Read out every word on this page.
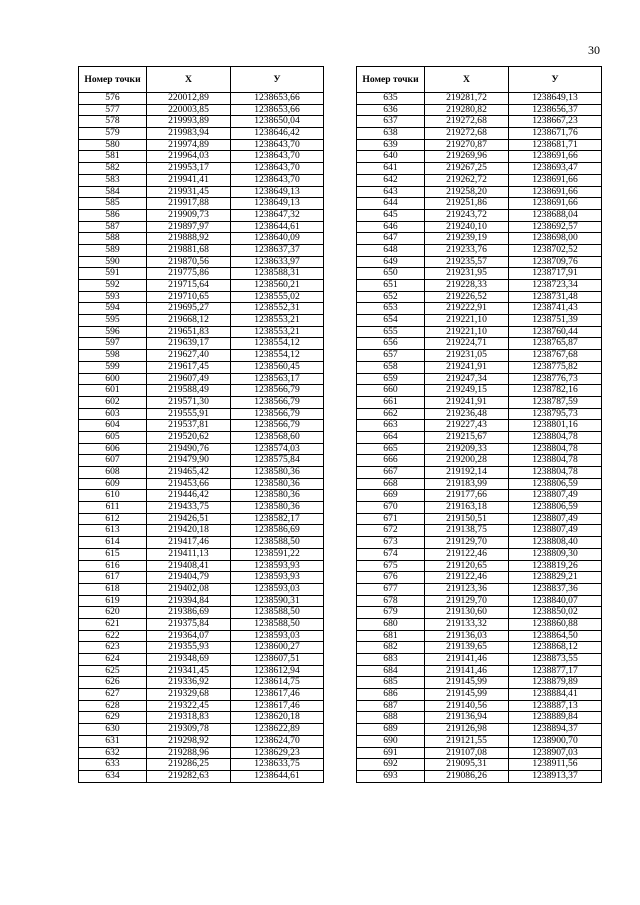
30
Номер точки	X	У
576	220012,89	1238653,66
577	220003,85	1238653,66
578	219993,89	1238650,04
579	219983,94	1238646,42
580	219974,89	1238643,70
581	219964,03	1238643,70
582	219953,17	1238643,70
583	219941,41	1238643,70
584	219931,45	1238649,13
585	219917,88	1238649,13
586	219909,73	1238647,32
587	219897,97	1238644,61
588	219888,92	1238640,09
589	219881,68	1238637,37
590	219870,56	1238633,97
591	219775,86	1238588,31
592	219715,64	1238560,21
593	219710,65	1238555,02
594	219695,27	1238552,31
595	219668,12	1238553,21
596	219651,83	1238553,21
597	219639,17	1238554,12
598	219627,40	1238554,12
599	219617,45	1238560,45
600	219607,49	1238563,17
601	219588,49	1238566,79
602	219571,30	1238566,79
603	219555,91	1238566,79
604	219537,81	1238566,79
605	219520,62	1238568,60
606	219490,76	1238574,03
607	219479,90	1238575,84
608	219465,42	1238580,36
609	219453,66	1238580,36
610	219446,42	1238580,36
611	219433,75	1238580,36
612	219426,51	1238582,17
613	219420,18	1238586,69
614	219417,46	1238588,50
615	219411,13	1238591,22
616	219408,41	1238593,93
617	219404,79	1238593,93
618	219402,08	1238593,03
619	219394,84	1238590,31
620	219386,69	1238588,50
621	219375,84	1238588,50
622	219364,07	1238593,03
623	219355,93	1238600,27
624	219348,69	1238607,51
625	219341,45	1238612,94
626	219336,92	1238614,75
627	219329,68	1238617,46
628	219322,45	1238617,46
629	219318,83	1238620,18
630	219309,78	1238622,89
631	219298,92	1238624,70
632	219288,96	1238629,23
633	219286,25	1238633,75
634	219282,63	1238644,61
Номер точки	X	У
635	219281,72	1238649,13
636	219280,82	1238656,37
637	219272,68	1238667,23
638	219272,68	1238671,76
639	219270,87	1238681,71
640	219269,96	1238691,66
641	219267,25	1238693,47
642	219262,72	1238691,66
643	219258,20	1238691,66
644	219251,86	1238691,66
645	219243,72	1238688,04
646	219240,10	1238692,57
647	219239,19	1238698,00
648	219233,76	1238702,52
649	219235,57	1238709,76
650	219231,95	1238717,91
651	219228,33	1238723,34
652	219226,52	1238731,48
653	219222,91	1238741,43
654	219221,10	1238751,39
655	219221,10	1238760,44
656	219224,71	1238765,87
657	219231,05	1238767,68
658	219241,91	1238775,82
659	219247,34	1238776,73
660	219249,15	1238782,16
661	219241,91	1238787,59
662	219236,48	1238795,73
663	219227,43	1238801,16
664	219215,67	1238804,78
665	219209,33	1238804,78
666	219200,28	1238804,78
667	219192,14	1238804,78
668	219183,99	1238806,59
669	219177,66	1238807,49
670	219163,18	1238806,59
671	219150,51	1238807,49
672	219138,75	1238807,49
673	219129,70	1238808,40
674	219122,46	1238809,30
675	219120,65	1238819,26
676	219122,46	1238829,21
677	219123,36	1238837,36
678	219129,70	1238840,07
679	219130,60	1238850,02
680	219133,32	1238860,88
681	219136,03	1238864,50
682	219139,65	1238868,12
683	219141,46	1238873,55
684	219141,46	1238877,17
685	219145,99	1238879,89
686	219145,99	1238884,41
687	219140,56	1238887,13
688	219136,94	1238889,84
689	219126,98	1238894,37
690	219121,55	1238900,70
691	219107,08	1238907,03
692	219095,31	1238911,56
693	219086,26	1238913,37
